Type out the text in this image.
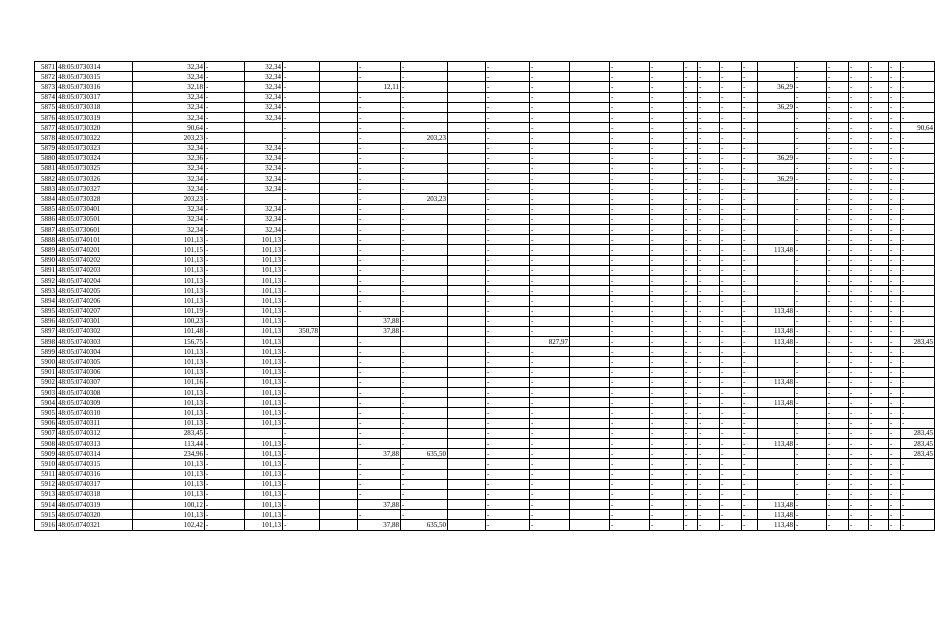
5871	48:05:0730314	32,34	-	32,34	-		-	-		-	-		-	-	-	-	-	-		-	-	-	-	-	-
5872	48:05:0730315	32,34	-	32,34	-		-	-		-	-		-	-	-	-	-	-		-	-	-	-	-	-
5873	48:05:0730316	32,18	-	32,34	-		12,11	-		-	-		-	-	-	-	-	-	36,29	-	-	-	-	-	-
5874	48:05:0730317	32,34	-	32,34	-		-	-		-	-		-	-	-	-	-	-		-	-	-	-	-	-
5875	48:05:0730318	32,34	-	32,34	-		-	-		-	-		-	-	-	-	-	-	36,29	-	-	-	-	-	-
5876	48:05:0730319	32,34	-	32,34	-		-	-		-	-		-	-	-	-	-	-		-	-	-	-	-	-
5877	48:05:0730320	90,64	-		-		-	-		-	-		-	-	-	-	-	-		-	-	-	-	-	90,64
5878	48:05:0730322	203,23	-		-		-	203,23		-	-		-	-	-	-	-	-		-	-	-	-	-	-
5879	48:05:0730323	32,34	-	32,34	-		-	-		-	-		-	-	-	-	-	-		-	-	-	-	-	-
5880	48:05:0730324	32,36	-	32,34	-		-	-		-	-		-	-	-	-	-	-	36,29	-	-	-	-	-	-
5881	48:05:0730325	32,34	-	32,34	-		-	-		-	-		-	-	-	-	-	-		-	-	-	-	-	-
5882	48:05:0730326	32,34	-	32,34	-		-	-		-	-		-	-	-	-	-	-	36,29	-	-	-	-	-	-
5883	48:05:0730327	32,34	-	32,34	-		-	-		-	-		-	-	-	-	-	-		-	-	-	-	-	-
5884	48:05:0730328	203,23	-		-		-	203,23		-	-		-	-	-	-	-	-		-	-	-	-	-	-
5885	48:05:0730401	32,34	-	32,34	-		-	-		-	-		-	-	-	-	-	-		-	-	-	-	-	-
5886	48:05:0730501	32,34	-	32,34	-		-	-		-	-		-	-	-	-	-	-		-	-	-	-	-	-
5887	48:05:0730601	32,34	-	32,34	-		-	-		-	-		-	-	-	-	-	-		-	-	-	-	-	-
5888	48:05:0740101	101,13	-	101,13	-		-	-		-	-		-	-	-	-	-	-		-	-	-	-	-	-
5889	48:05:0740201	101,15	-	101,13	-		-	-		-	-		-	-	-	-	-	-	113,48	-	-	-	-	-	-
5890	48:05:0740202	101,13	-	101,13	-		-	-		-	-		-	-	-	-	-	-		-	-	-	-	-	-
5891	48:05:0740203	101,13	-	101,13	-		-	-		-	-		-	-	-	-	-	-		-	-	-	-	-	-
5892	48:05:0740204	101,13	-	101,13	-		-	-		-	-		-	-	-	-	-	-		-	-	-	-	-	-
5893	48:05:0740205	101,13	-	101,13	-		-	-		-	-		-	-	-	-	-	-		-	-	-	-	-	-
5894	48:05:0740206	101,13	-	101,13	-		-	-		-	-		-	-	-	-	-	-		-	-	-	-	-	-
5895	48:05:0740207	101,19	-	101,13	-		-	-		-	-		-	-	-	-	-	-	113,48	-	-	-	-	-	-
5896	48:05:0740301	100,23	-	101,13	-		37,88	-		-	-		-	-	-	-	-	-		-	-	-	-	-	-
5897	48:05:0740302	101,48	-	101,13	350,78		37,88	-		-	-		-	-	-	-	-	-	113,48	-	-	-	-	-	-
5898	48:05:0740303	156,75	-	101,13			-			-	827,97		-	-	-	-	-	-	113,48	-	-	-	-	-	283,45
5899	48:05:0740304	101,13	-	101,13	-		-	-		-	-		-	-	-	-	-	-		-	-	-	-	-	-
5900	48:05:0740305	101,13	-	101,13	-		-	-		-	-		-	-	-	-	-	-		-	-	-	-	-	-
5901	48:05:0740306	101,13	-	101,13	-		-	-		-	-		-	-	-	-	-	-		-	-	-	-	-	-
5902	48:05:0740307	101,16	-	101,13	-		-	-		-	-		-	-	-	-	-	-	113,48	-	-	-	-	-	-
5903	48:05:0740308	101,13	-	101,13	-		-	-		-	-		-	-	-	-	-	-		-	-	-	-	-	-
5904	48:05:0740309	101,13	-	101,13	-		-	-		-	-		-	-	-	-	-	-	113,48	-	-	-	-	-	-
5905	48:05:0740310	101,13	-	101,13	-		-	-		-	-		-	-	-	-	-	-		-	-	-	-	-	-
5906	48:05:0740311	101,13	-	101,13	-		-	-		-	-		-	-	-	-	-	-		-	-	-	-	-	-
5907	48:05:0740312	283,45	-		-		-	-		-	-		-	-	-	-	-	-		-	-	-	-	-	283,45
5908	48:05:0740313	113,44	-	101,13	-		-	-		-	-		-	-	-	-	-	-	113,48	-	-	-	-	-	283,45
5909	48:05:0740314	234,96	-	101,13	-		37,88	635,50		-	-		-	-	-	-	-	-		-	-	-	-	-	283,45
5910	48:05:0740315	101,13	-	101,13	-		-	-		-	-		-	-	-	-	-	-		-	-	-	-	-	-
5911	48:05:0740316	101,13	-	101,13	-		-	-		-	-		-	-	-	-	-	-		-	-	-	-	-	-
5912	48:05:0740317	101,13	-	101,13	-		-	-		-	-		-	-	-	-	-	-		-	-	-	-	-	-
5913	48:05:0740318	101,13	-	101,13	-		-	-		-	-		-	-	-	-	-	-		-	-	-	-	-	-
5914	48:05:0740319	100,12	-	101,13	-		37,88	-		-	-		-	-	-	-	-	-	113,48	-	-	-	-	-	-
5915	48:05:0740320	101,13	-	101,13	-		-	-		-	-		-	-	-	-	-	-	113,48	-	-	-	-	-	-
5916	48:05:0740321	102,42	-	101,13	-		37,88	635,50		-	-		-	-	-	-	-	-	113,48	-	-	-	-	-	-
